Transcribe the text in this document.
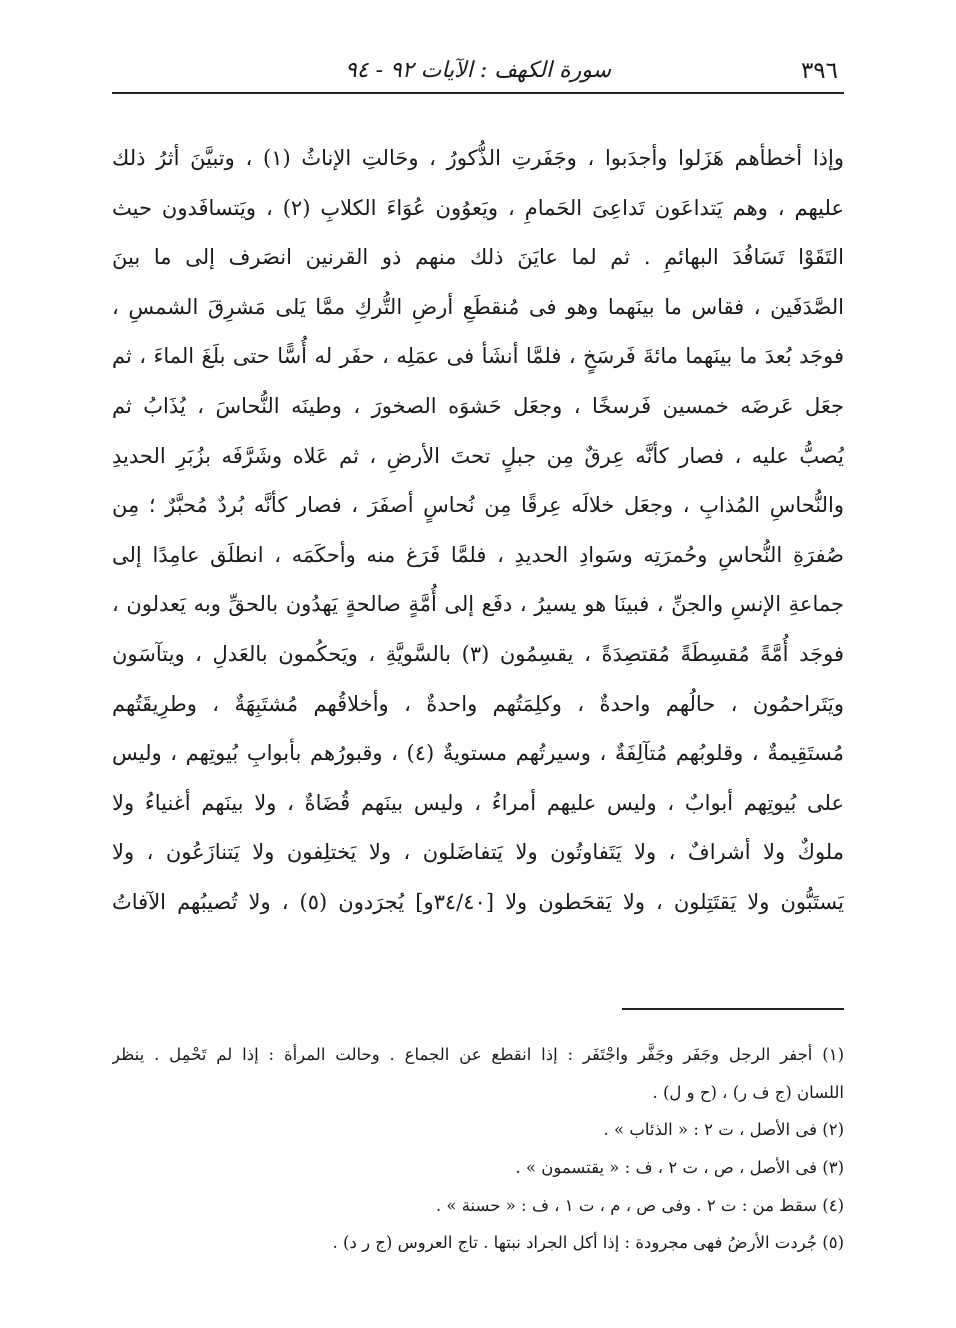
٣٩٦
سورة الكهف : الآيات ٩٢ - ٩٤
وإذا أخطأهم هَزَلوا وأجدَبوا ، وجَفَرتِ الذُّكورُ ، وحَالتِ الإناثُ (١) ، وتبيَّنَ أثرُ ذلك
عليهم ، وهم يَتداعَون تَداعِىَ الحَمامِ ، ويَعوُون عُوَاءَ الكلابِ (٢) ، ويَتسافَدون حيث
التَقَوْا تَسَافُدَ البهائمِ . ثم لما عايَنَ ذلك منهم ذو القرنين انصَرف إلى ما بينَ
الصَّدَفَين ، فقاس ما بينَهما وهو فى مُنقطَعِ أرضِ التُّركِ ممَّا يَلى مَشرِقَ الشمسِ ،
فوجَد بُعدَ ما بينَهما مائةَ فَرسَخٍ ، فلمَّا أنشَأ فى عمَلِه ، حفَر له أُسًّا حتى بلَغَ الماءَ ، ثم
جعَل عَرضَه خمسين فَرسخًا ، وجعَل حَشوَه الصخورَ ، وطينَه النُّحاسَ ، يُذَابُ ثم
يُصبُّ عليه ، فصار كأنَّه عِرقٌ مِن جبلٍ تحتَ الأرضِ ، ثم عَلاه وشَرَّفَه بزُبَرِ الحديدِ
والنُّحاسِ المُذابِ ، وجعَل خلالَه عِرقًا مِن نُحاسٍ أصفَرَ ، فصار كأنَّه بُردٌ مُحبَّرٌ ؛ مِن
صُفرَةِ النُّحاسِ وحُمرَتِه وسَوادِ الحديدِ ، فلمَّا فَرَغ منه وأحكَمَه ، انطلَق عامِدًا إلى
جماعةِ الإنسِ والجنِّ ، فبينَا هو يسيرُ ، دفَع إلى أُمَّةٍ صالحةٍ يَهدُون بالحقِّ وبه يَعدلون ،
فوجَد أُمَّةً مُقسِطَةً مُقتصِدَةً ، يقسِمُون (٣) بالسَّويَّةِ ، ويَحكُمون بالعَدلِ ، ويتآسَون
ويَتَراحمُون ، حالُهم واحدةٌ ، وكلِمَتُهم واحدةٌ ، وأخلاقُهم مُشتَبِهَةٌ ، وطرِيقَتُهم
مُستَقِيمةٌ ، وقلوبُهم مُتآلِفَةٌ ، وسيرتُهم مستويةٌ (٤) ، وقبورُهم بأبوابِ بُيوتِهم ، وليس
على بُيوتِهم أبوابٌ ، وليس عليهم أمراءُ ، وليس بينَهم قُضَاةٌ ، ولا بينَهم أغنياءُ ولا
ملوكٌ ولا أشرافٌ ، ولا يَتَفاوتُون ولا يَتفاضَلون ، ولا يَختلِفون ولا يَتنازَعُون ، ولا
يَستَبُّون ولا يَقتَتِلون ، ولا يَقحَطون ولا [٣٤/٤٠و] يُجرَدون (٥) ، ولا تُصيبُهم الآفاتُ
(١) أجفر الرجل وجَفَر وجَفَّر واجْتَفَر : إذا انقطع عن الجماع . وحالت المرأة : إذا لم تَحْمِل . ينظر
اللسان (ج ف ر) ، (ح و ل) .
(٢) فى الأصل ، ت ٢ : « الذئاب » .
(٣) فى الأصل ، ص ، ت ٢ ، ف : « يقتسمون » .
(٤) سقط من : ت ٢ . وفى ص ، م ، ت ١ ، ف : « حسنة » .
(٥) جُردت الأرضُ فهى مجرودة : إذا أكل الجراد نبتها . تاج العروس (ج ر د) .
